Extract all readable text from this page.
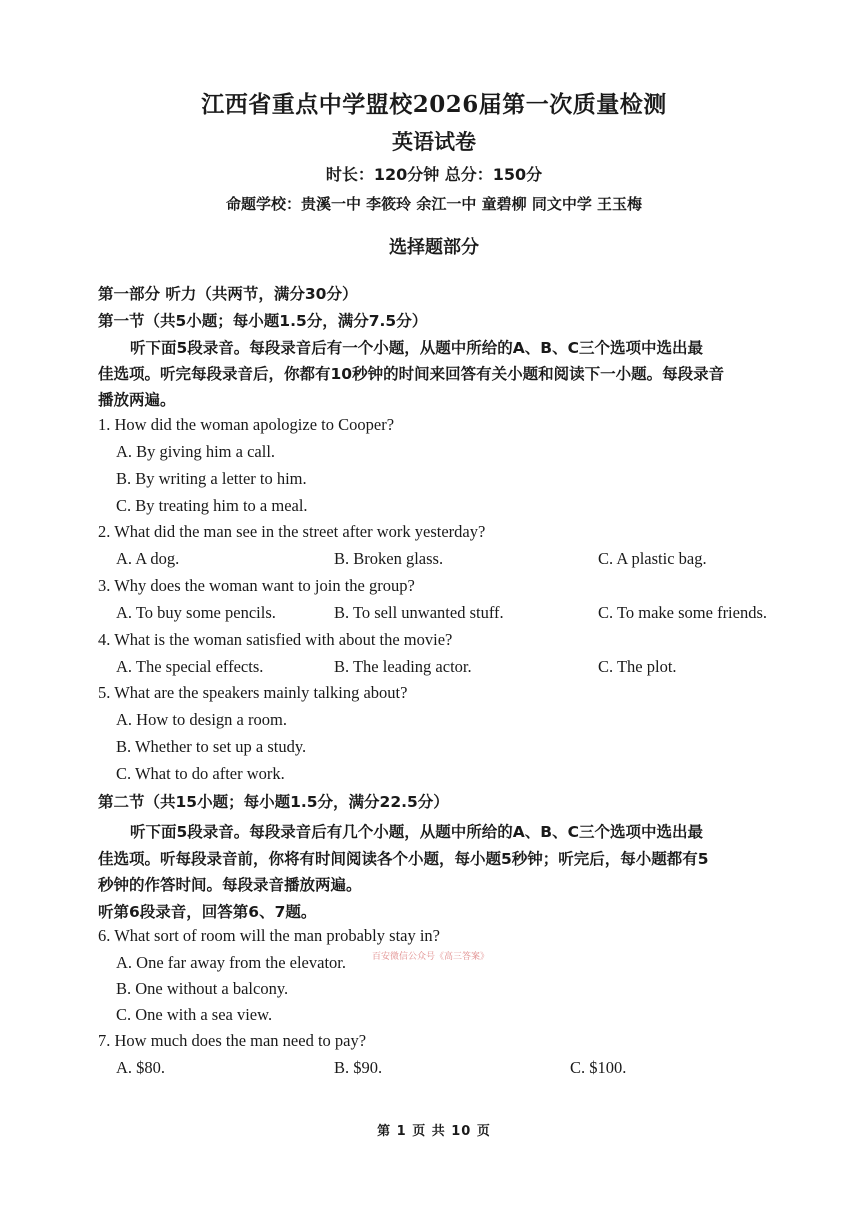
江西省重点中学盟校2026届第一次质量检测
英语试卷
时长：120分钟 总分：150分
命题学校：贵溪一中 李筱玲 余江一中 童碧柳 同文中学 王玉梅
选择题部分
第一部分 听力（共两节，满分30分）
第一节（共5小题；每小题1.5分，满分7.5分）
听下面5段录音。每段录音后有一个小题，从题中所给的A、B、C三个选项中选出最
佳选项。听完每段录音后，你都有10秒钟的时间来回答有关小题和阅读下一小题。每段录音
播放两遍。
1. How did the woman apologize to Cooper?
A. By giving him a call.
B. By writing a letter to him.
C. By treating him to a meal.
2. What did the man see in the street after work yesterday?
A. A dog.	B. Broken glass.	C. A plastic bag.
3. Why does the woman want to join the group?
A. To buy some pencils.	B. To sell unwanted stuff.	C. To make some friends.
4. What is the woman satisfied with about the movie?
A. The special effects.	B. The leading actor.	C. The plot.
5. What are the speakers mainly talking about?
A. How to design a room.
B. Whether to set up a study.
C. What to do after work.
第二节（共15小题；每小题1.5分，满分22.5分）
听下面5段录音。每段录音后有几个小题，从题中所给的A、B、C三个选项中选出最
佳选项。听每段录音前，你将有时间阅读各个小题，每小题5秒钟；听完后，每小题都有5
秒钟的作答时间。每段录音播放两遍。
听第6段录音，回答第6、7题。
6. What sort of room will the man probably stay in?
A. One far away from the elevator.	百安微信公众号《高三答案》
B. One without a balcony.
C. One with a sea view.
7. How much does the man need to pay?
A. $80.	B. $90.	C. $100.
第 1 页 共 10 页
